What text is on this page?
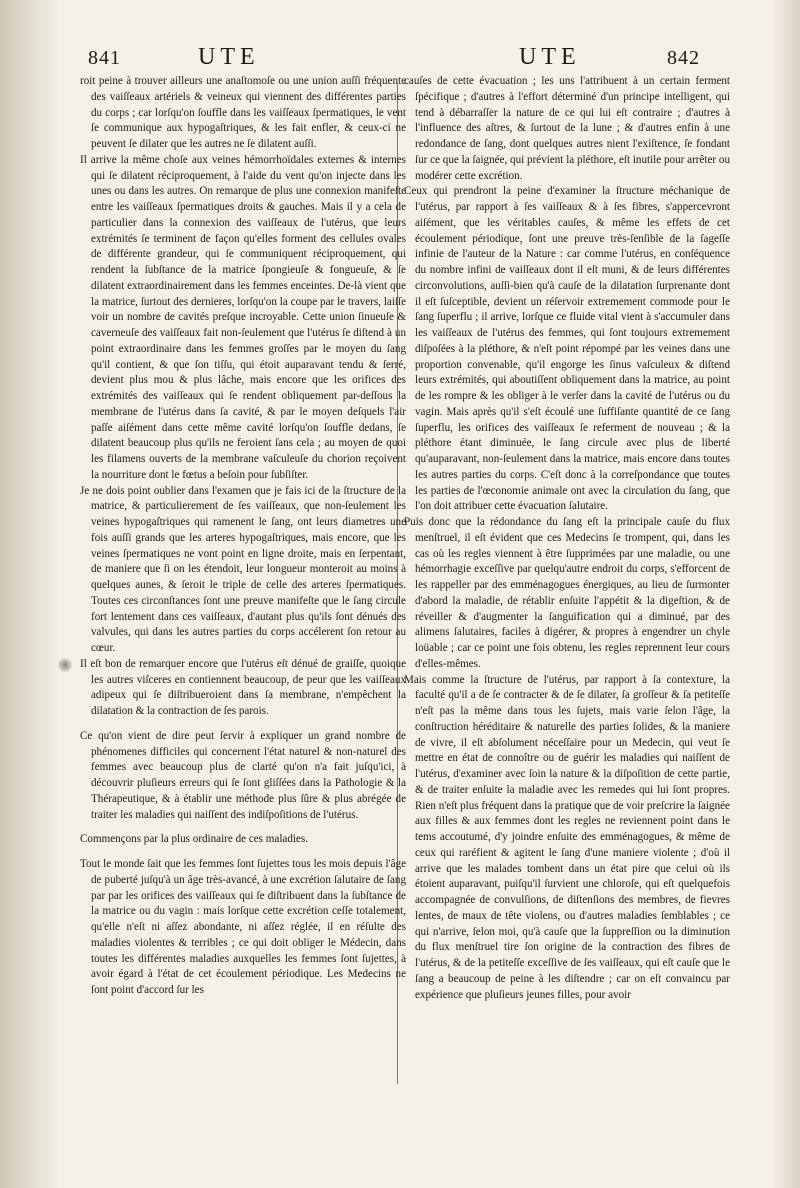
841	UTE	UTE	842

roit peine à trouver ailleurs une anaſtomoſe ou une union auſſi fréquente des vaiſſeaux artériels & veineux qui viennent des différentes parties du corps ; car lorſqu'on ſouffle dans les vaiſſeaux ſpermatiques, le vent ſe communique aux hypogaſtriques, & les fait enfler, & ceux-ci ne peuvent ſe dilater que les autres ne ſe dilatent auſſi.

Il arrive la même choſe aux veines hémorrhoïdales externes & internes qui ſe dilatent réciproquement, à l'aide du vent qu'on injecte dans les unes ou dans les autres. On remarque de plus une connexion manifeſte entre les vaiſſeaux ſpermatiques droits & gauches. Mais il y a cela de particulier dans la connexion des vaiſſeaux de l'utérus, que leurs extrémités ſe terminent de façon qu'elles forment des cellules ovales de différente grandeur, qui ſe communiquent réciproquement, qui rendent la ſubſtance de la matrice ſpongieuſe & fongueuſe, & ſe dilatent extraordinairement dans les femmes enceintes. De-là vient que la matrice, ſurtout des dernieres, lorſqu'on la coupe par le travers, laiſſe voir un nombre de cavités preſque incroyable. Cette union ſinueuſe & caverneuſe des vaiſſeaux fait non-ſeulement que l'utérus ſe diſtend à un point extraordinaire dans les femmes groſſes par le moyen du ſang qu'il contient, & que ſon tiſſu, qui étoit auparavant tendu & ſerré, devient plus mou & plus lâche, mais encore que les orifices des extrémités des vaiſſeaux qui ſe rendent obliquement par-deſſous la membrane de l'utérus dans ſa cavité, & par le moyen deſquels l'air paſſe aiſément dans cette même cavité lorſqu'on ſouffle dedans, ſe dilatent beaucoup plus qu'ils ne feroient ſans cela ; au moyen de quoi les filamens ouverts de la membrane vaſculeuſe du chorion reçoivent la nourriture dont le fœtus a beſoin pour ſubſiſter.

Je ne dois point oublier dans l'examen que je fais ici de la ſtructure de la matrice, & particulierement de ſes vaiſſeaux, que non-ſeulement les veines hypogaſtriques qui ramenent le ſang, ont leurs diametres une fois auſſi grands que les arteres hypogaſtriques, mais encore, que les veines ſpermatiques ne vont point en ligne droite, mais en ſerpentant, de maniere que ſi on les étendoit, leur longueur monteroit au moins à quelques aunes, & ſeroit le triple de celle des arteres ſpermatiques. Toutes ces circonſtances ſont une preuve manifeſte que le ſang circule fort lentement dans ces vaiſſeaux, d'autant plus qu'ils ſont dénués des valvules, qui dans les autres parties du corps accélerent ſon retour au cœur.

Il eſt bon de remarquer encore que l'utérus eſt dénué de graiſſe, quoique les autres viſceres en contiennent beaucoup, de peur que les vaiſſeaux adipeux qui ſe diſtribueroient dans ſa membrane, n'empêchent la dilatation & la contraction de ſes parois.

Ce qu'on vient de dire peut ſervir à expliquer un grand nombre de phénomenes difficiles qui concernent l'état naturel & non-naturel des femmes avec beaucoup plus de clarté qu'on n'a fait juſqu'ici, à découvrir pluſieurs erreurs qui ſe ſont gliſſées dans la Pathologie & la Thérapeutique, & à établir une méthode plus ſûre & plus abrégée de traiter les maladies qui naiſſent des indiſpoſitions de l'utérus.

Commençons par la plus ordinaire de ces maladies.

Tout le monde ſait que les femmes ſont ſujettes tous les mois depuis l'âge de puberté juſqu'à un âge très-avancé, à une excrétion ſalutaire de ſang par par les orifices des vaiſſeaux qui ſe diſtribuent dans la ſubſtance de la matrice ou du vagin : mais lorſque cette excrétion ceſſe totalement, qu'elle n'eſt ni aſſez abondante, ni aſſez réglée, il en réſulte des maladies violentes & terribles ; ce qui doit obliger le Médecin, dans toutes les différentes maladies auxquelles les femmes ſont ſujettes, à avoir égard à l'état de cet écoulement périodique. Les Medecins ne ſont point d'accord ſur les

cauſes de cette évacuation ; les uns l'attribuent à un certain ferment ſpécifique ; d'autres à l'effort déterminé d'un principe intelligent, qui tend à débarraſſer la nature de ce qui lui eſt contraire ; d'autres à l'influence des aſtres, & ſurtout de la lune ; & d'autres enfin à une redondance de ſang, dont quelques autres nient l'exiſtence, ſe fondant ſur ce que la ſaignée, qui prévient la pléthore, eſt inutile pour arrêter ou modérer cette excrétion.

Ceux qui prendront la peine d'examiner la ſtructure méchanique de l'utérus, par rapport à ſes vaiſſeaux & à ſes fibres, s'appercevront aiſément, que les véritables cauſes, & même les effets de cet écoulement périodique, ſont une preuve très-ſenſible de la ſageſſe infinie de l'auteur de la Nature : car comme l'utérus, en conſéquence du nombre infini de vaiſſeaux dont il eſt muni, & de leurs différentes circonvolutions, auſſi-bien qu'à cauſe de la dilatation ſurprenante dont il eſt ſuſceptible, devient un réſervoir extremement commode pour le ſang ſuperflu ; il arrive, lorſque ce fluide vital vient à s'accumuler dans les vaiſſeaux de l'utérus des femmes, qui ſont toujours extremement diſpoſées à la pléthore, & n'eſt point répompé par les veines dans une proportion convenable, qu'il engorge les ſinus vaſculeux & diſtend leurs extrémités, qui aboutiſſent obliquement dans la matrice, au point de les rompre & les obliger à le verſer dans la cavité de l'utérus ou du vagin. Mais après qu'il s'eſt écoulé une ſuffiſante quantité de ce ſang ſuperflu, les orifices des vaiſſeaux ſe referment de nouveau ; & la pléthore étant diminuée, le ſang circule avec plus de liberté qu'auparavant, non-ſeulement dans la matrice, mais encore dans toutes les autres parties du corps. C'eſt donc à la correſpondance que toutes les parties de l'œconomie animale ont avec la circulation du ſang, que l'on doit attribuer cette évacuation ſalutaire.

Puis donc que la rédondance du ſang eſt la principale cauſe du flux menſtruel, il eſt évident que ces Medecins ſe trompent, qui, dans les cas où les regles viennent à être ſupprimées par une maladie, ou une hémorrhagie exceſſive par quelqu'autre endroit du corps, s'efforcent de les rappeller par des emménagogues énergiques, au lieu de ſurmonter d'abord la maladie, de rétablir enſuite l'appétit & la digeſtion, & de réveiller & d'augmenter la ſanguification qui a diminué, par des alimens ſalutaires, faciles à digérer, & propres à engendrer un chyle loüable ; car ce point une fois obtenu, les regles reprennent leur cours d'elles-mêmes.

Mais comme la ſtructure de l'utérus, par rapport à ſa contexture, la faculté qu'il a de ſe contracter & de ſe dilater, ſa groſſeur & ſa petiteſſe n'eſt pas la même dans tous les ſujets, mais varie ſelon l'âge, la conſtruction héréditaire & naturelle des parties ſolides, & la maniere de vivre, il eſt abſolument néceſſaire pour un Medecin, qui veut ſe mettre en état de connoître ou de guérir les maladies qui naiſſent de l'utérus, d'examiner avec ſoin la nature & la diſpoſition de cette partie, & de traiter enſuite la maladie avec les remedes qui lui ſont propres. Rien n'eſt plus fréquent dans la pratique que de voir preſcrire la ſaignée aux filles & aux femmes dont les regles ne reviennent point dans le tems accoutumé, d'y joindre enſuite des emménagogues, & même de ceux qui raréfient & agitent le ſang d'une maniere violente ; d'où il arrive que les malades tombent dans un état pire que celui où ils étoient auparavant, puiſqu'il ſurvient une chloroſe, qui eſt quelquefois accompagnée de convulſions, de diſtenſions des membres, de fievres lentes, de maux de tête violens, ou d'autres maladies ſemblables ; ce qui n'arrive, ſelon moi, qu'à cauſe que la ſuppreſſion ou la diminution du flux menſtruel tire ſon origine de la contraction des fibres de l'utérus, & de la petiteſſe exceſſive de ſes vaiſſeaux, qui eſt cauſe que le ſang a beaucoup de peine à les diſtendre ; car on eſt convaincu par expérience que pluſieurs jeunes filles, pour avoir
